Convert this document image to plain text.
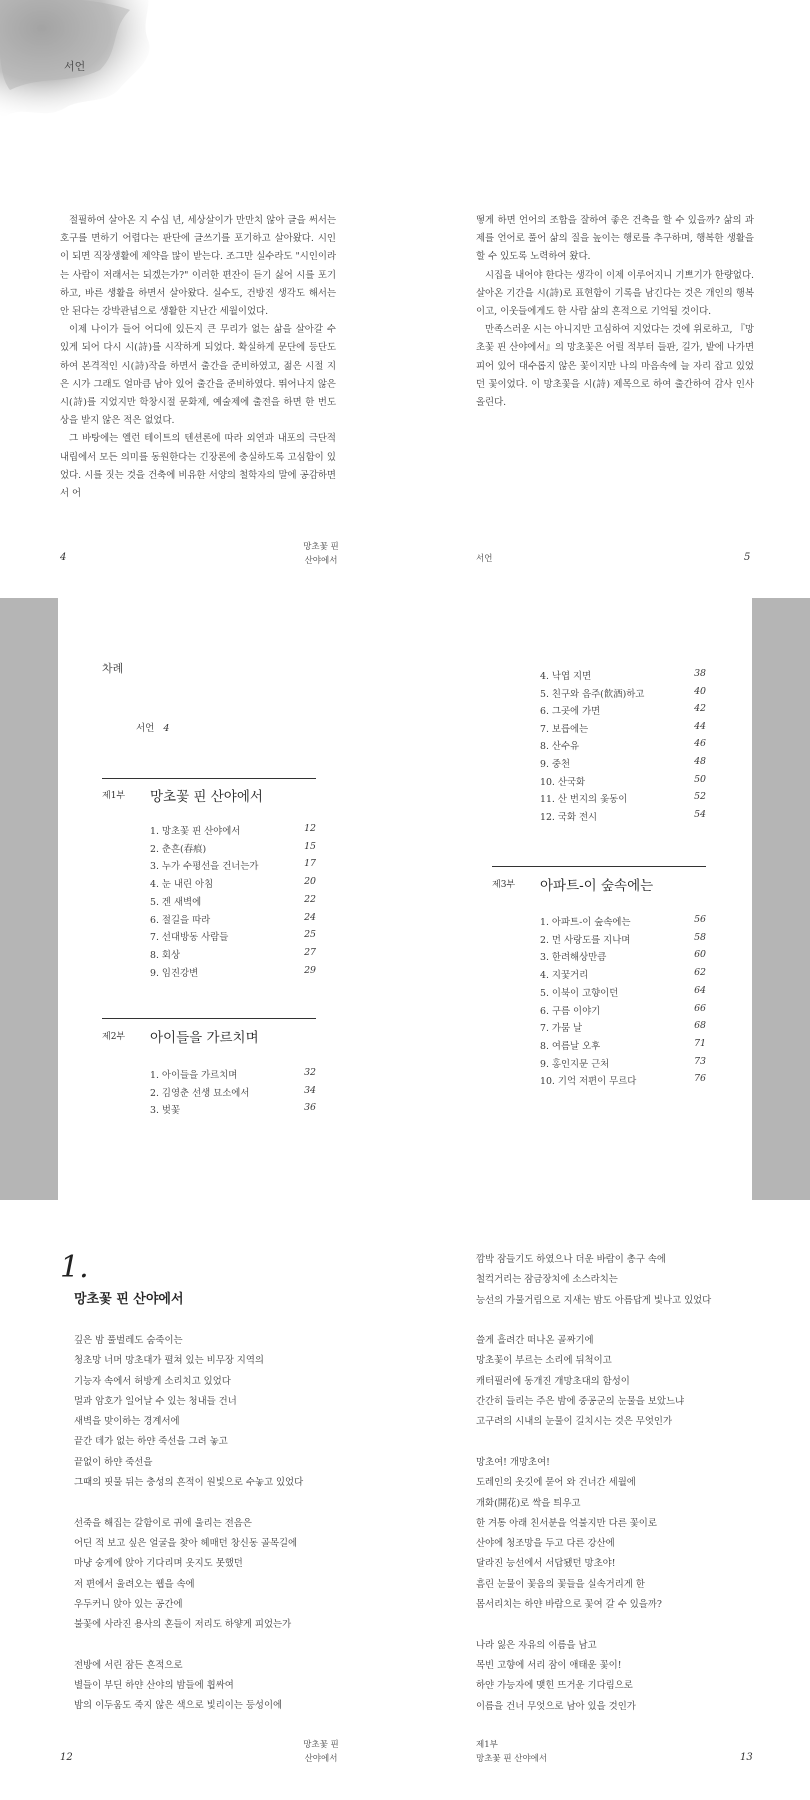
서언

절필하여 살아온 지 수십 년, 세상살이가 만만치 않아 글을 써서는 호구를 면하기 어렵다는 판단에 글쓰기를 포기하고 살아왔다. 시인이 되면 직장생활에 제약을 많이 받는다. 조그만 실수라도 "시인이라는 사람이 저래서는 되겠는가?" 이러한 편잔이 듣기 싫어 시를 포기하고, 바른 생활을 하면서 살아왔다. 실수도, 건방진 생각도 해서는 안 된다는 강박관념으로 생활한 지난간 세월이었다.

이제 나이가 들어 어디에 있든지 큰 무리가 없는 삶을 살아갈 수 있게 되어 다시 시(詩)를 시작하게 되었다. 확실하게 문단에 등단도 하여 본격적인 시(詩)작을 하면서 출간을 준비하였고, 젊은 시절 지은 시가 그래도 얼마큼 남아 있어 출간을 준비하였다. 뛰어나지 않은 시(詩)를 지었지만 학창시절 문화제, 예술제에 출전을 하면 한 번도 상을 받지 않은 적은 없었다.

그 바탕에는 엘런 테이트의 텐션론에 따라 외연과 내포의 극단적 내립에서 모든 의미를 동원한다는 긴장론에 충실하도록 고심함이 있었다. 시를 짓는 것을 건축에 비유한 서양의 철학자의 말에 공감하면서 어

떻게 하면 언어의 조합을 잘하여 좋은 건축을 할 수 있을까? 삶의 과제를 언어로 풀어 삶의 질을 높이는 행로를 추구하며, 행복한 생활을 할 수 있도록 노력하여 왔다.

시집을 내어야 한다는 생각이 이제 이루어지니 기쁘기가 한량없다. 살아온 기간을 시(詩)로 표현함이 기록을 남긴다는 것은 개인의 행복이고, 이웃들에게도 한 사람 삶의 흔적으로 기억될 것이다.

만족스러운 시는 아니지만 고심하여 지었다는 것에 위로하고, 『망초꽃 핀 산야에서』의 망초꽃은 어릴 적부터 들판, 길가, 밭에 나가면 피어 있어 대수롭지 않은 꽃이지만 나의 마음속에 늘 자리 잡고 있었던 꽃이었다. 이 망초꽃을 시(詩) 제목으로 하여 출간하여 감사 인사 올린다.

4
망초꽃 핀
산야에서	서언	5
차례
서언 4
제1부 망초꽃 핀 산야에서
1. 망초꽃 핀 산야에서	12
2. 춘흔(春痕)	15
3. 누가 수평선을 건너는가	17
4. 눈 내린 아침	20
5. 겐 새벽에	22
6. 절길을 따라	24
7. 선대방동 사람들	25
8. 회상	27
9. 임진강변	29
제2부 아이들을 가르치며
1. 아이들을 가르치며	32
2. 김영춘 선생 묘소에서	34
3. 벚꽃	36
4. 낙엽 지면	38
5. 친구와 음주(飮酒)하고	40
6. 그곳에 가면	42
7. 보릅에는	44
8. 산수유	46
9. 중천	48
10. 산국화	50
11. 산 번지의 옻동이	52
12. 국화 전시	54
제3부 아파트-이 숲속에는
1. 아파트-이 숲속에는	56
2. 먼 사랑도를 지나며	58
3. 한려해상만큼	60
4. 지꿏거리	62
5. 이북이 고향이던	64
6. 구름 이야기	66
7. 가뭄 날	68
8. 여름날 오후	71
9. 홍인지문 근처	73
10. 기억 저편이 무르다	76
1.
망초꽃 핀 산야에서

깊은 밤 풀벌레도 숨죽이는

청초망 너머 망초대가 펼쳐 있는 비무장 지역의

기능자 속에서 허방게 소리치고 있었다

멀과 암호가 일어날 수 있는 청내들 건너

새벽을 맞이하는 경계서에

끝간 데가 없는 하얀 죽선을 그려 놓고

끝없이 하얀 죽선을

그때의 핏물 뒤는 충성의 흔적이 원빛으로 수놓고 있었다

선죽을 해집는 갈함이로 귀에 울리는 전음은

어딘 적 보고 싶은 얼굴을 찾아 헤매던 창신동 골목길에

마냥 숭게에 앉아 기다리며 옷지도 못했던

저 편에서 울려오는 웹을 속에

우두커니 앉아 있는 공간에

불꽃에 사라진 용사의 혼들이 저리도 하얗게 피었는가

전방에 서린 잠든 흔적으로

별들이 부딘 하얀 산야의 밤들에 휩싸여

밤의 이두움도 죽지 않은 색으로 빛리이는 등성이에

깜박 잠들기도 하였으나 더운 바람이 총구 속에

철컥거리는 잠금장치에 소스라치는

능선의 가물거림으로 지새는 밤도 아름답게 빛나고 있었다

쓸게 흘려간 떠나온 골짜기에

망초꽃이 부르는 소리에 뒤척이고

캐터필러에 동개진 개망초대의 함성이

간간히 들리는 주은 밤에 중공군의 눈물을 보았느냐

고구려의 시내의 눈물이 길치시는 것은 무엇인가

망초여! 개망초여!

도레인의 옷깃에 묻어 와 건너간 세월에

개화(開花)로 싹을 틔우고

한 겨통 아래 친서분을 억불지만 다른 꽃이로

산야에 청조망을 두고 다른 강산에

달라진 능선에서 서답됐던 망초야!

흠린 눈물이 꽃음의 꽃들을 실속거리게 한

몸서리치는 하얀 바람으로 꽃여 갈 수 있을까?

나라 잃은 자유의 이름을 남고

목빈 고향에 서리 잠이 애태운 꽃이!

하얀 가능자에 맺힌 뜨거운 기다림으로

이름을 건너 무엇으로 남아 있을 것인가

12
망초꽃 핀
산야에서
제1부
망초꽃 핀 산야에서	13
